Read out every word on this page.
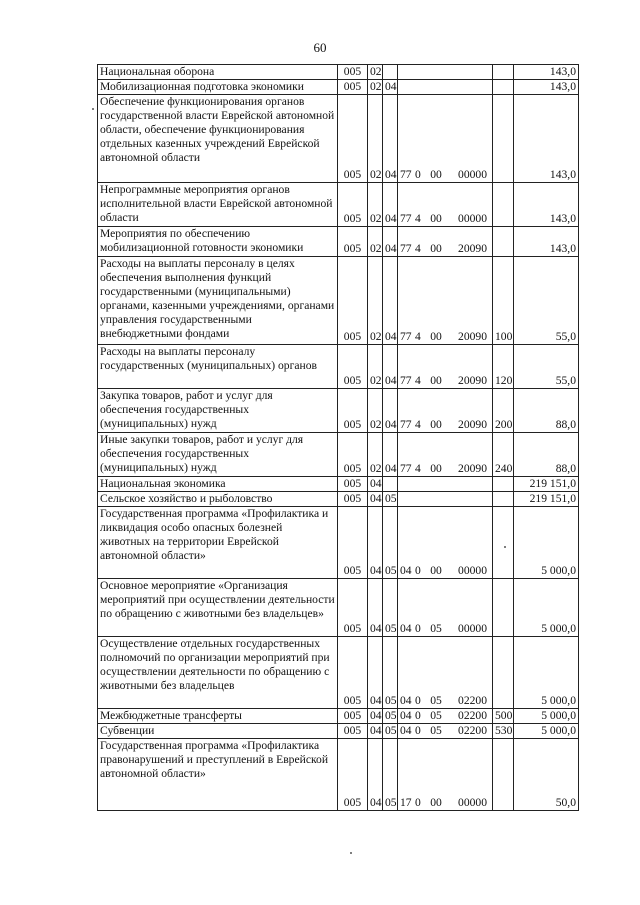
60
Национальная оборона	005	02				143,0
Мобилизационная подготовка экономики	005	02	04			143,0
Обеспечение функционирования органов государственной власти Еврейской автономной области, обеспечение функционирования отдельных казенных учреждений Еврейской автономной области	005	02	04	77 0 00 00000		143,0
Непрограммные мероприятия органов исполнительной власти Еврейской автономной области	005	02	04	77 4 00 00000		143,0
Мероприятия по обеспечению мобилизационной готовности экономики	005	02	04	77 4 00 20090		143,0
Расходы на выплаты персоналу в целях обеспечения выполнения функций государственными (муниципальными) органами, казенными учреждениями, органами управления государственными внебюджетными фондами	005	02	04	77 4 00 20090	100	55,0
Расходы на выплаты персоналу государственных (муниципальных) органов	005	02	04	77 4 00 20090	120	55,0
Закупка товаров, работ и услуг для обеспечения государственных (муниципальных) нужд	005	02	04	77 4 00 20090	200	88,0
Иные закупки товаров, работ и услуг для обеспечения государственных (муниципальных) нужд	005	02	04	77 4 00 20090	240	88,0
Национальная экономика	005	04				219 151,0
Сельское хозяйство и рыболовство	005	04	05			219 151,0
Государственная программа «Профилактика и ликвидация особо опасных болезней животных на территории Еврейской автономной области»	005	04	05	04 0 00 00000		5 000,0
Основное мероприятие «Организация мероприятий при осуществлении деятельности по обращению с животными без владельцев»	005	04	05	04 0 05 00000		5 000,0
Осуществление отдельных государственных полномочий по организации мероприятий при осуществлении деятельности по обращению с животными без владельцев	005	04	05	04 0 05 02200		5 000,0
Межбюджетные трансферты	005	04	05	04 0 05 02200	500	5 000,0
Субвенции	005	04	05	04 0 05 02200	530	5 000,0
Государственная программа «Профилактика правонарушений и преступлений в Еврейской автономной области»	005	04	05	17 0 00 00000		50,0
